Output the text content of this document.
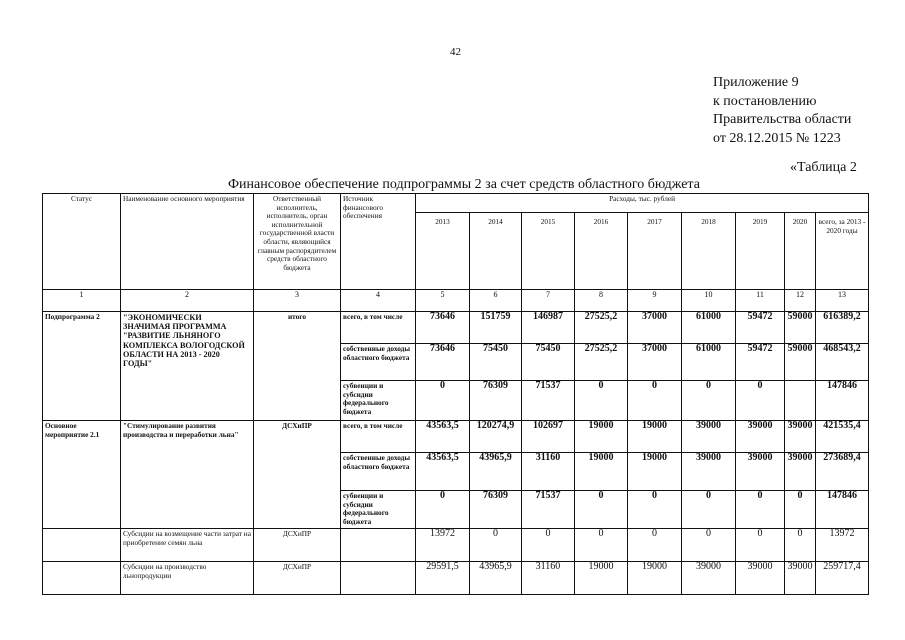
42
Приложение 9
к постановлению
Правительства области
от 28.12.2015 № 1223
«Таблица 2
Финансовое обеспечение подпрограммы 2 за счет средств областного бюджета
Статус	Наименование основного мероприятия	Ответственный исполнитель, исполнитель, орган исполнительной государственной власти области, являющийся главным распорядителем средств областного бюджета	Источник финансового обеспечения	Расходы, тыс. рублей								
				2013	2014	2015	2016	2017	2018	2019	2020	всего, за 2013 - 2020 годы
1	2	3	4	5	6	7	8	9	10	11	12	13
Подпрограмма 2	"ЭКОНОМИЧЕСКИ ЗНАЧИМАЯ ПРОГРАММА "РАЗВИТИЕ ЛЬНЯНОГО КОМПЛЕКСА ВОЛОГОДСКОЙ ОБЛАСТИ НА 2013 - 2020 ГОДЫ"	итого	всего, в том числе	73646	151759	146987	27525,2	37000	61000	59472	59000	616389,2
			собственные доходы областного бюджета	73646	75450	75450	27525,2	37000	61000	59472	59000	468543,2
			субвенции и субсидии федерального бюджета	0	76309	71537	0	0	0	0		147846
Основное мероприятие 2.1	"Стимулирование развития производства и переработки льна"	ДСХиПР	всего, в том числе	43563,5	120274,9	102697	19000	19000	39000	39000	39000	421535,4
			собственные доходы областного бюджета	43563,5	43965,9	31160	19000	19000	39000	39000	39000	273689,4
			субвенции и субсидии федерального бюджета	0	76309	71537	0	0	0	0	0	147846
	Субсидии на возмещение части затрат на приобретение семян льна	ДСХиПР		13972	0	0	0	0	0	0	0	13972
	Субсидии на производство льнопродукции	ДСХиПР		29591,5	43965,9	31160	19000	19000	39000	39000	39000	259717,4
